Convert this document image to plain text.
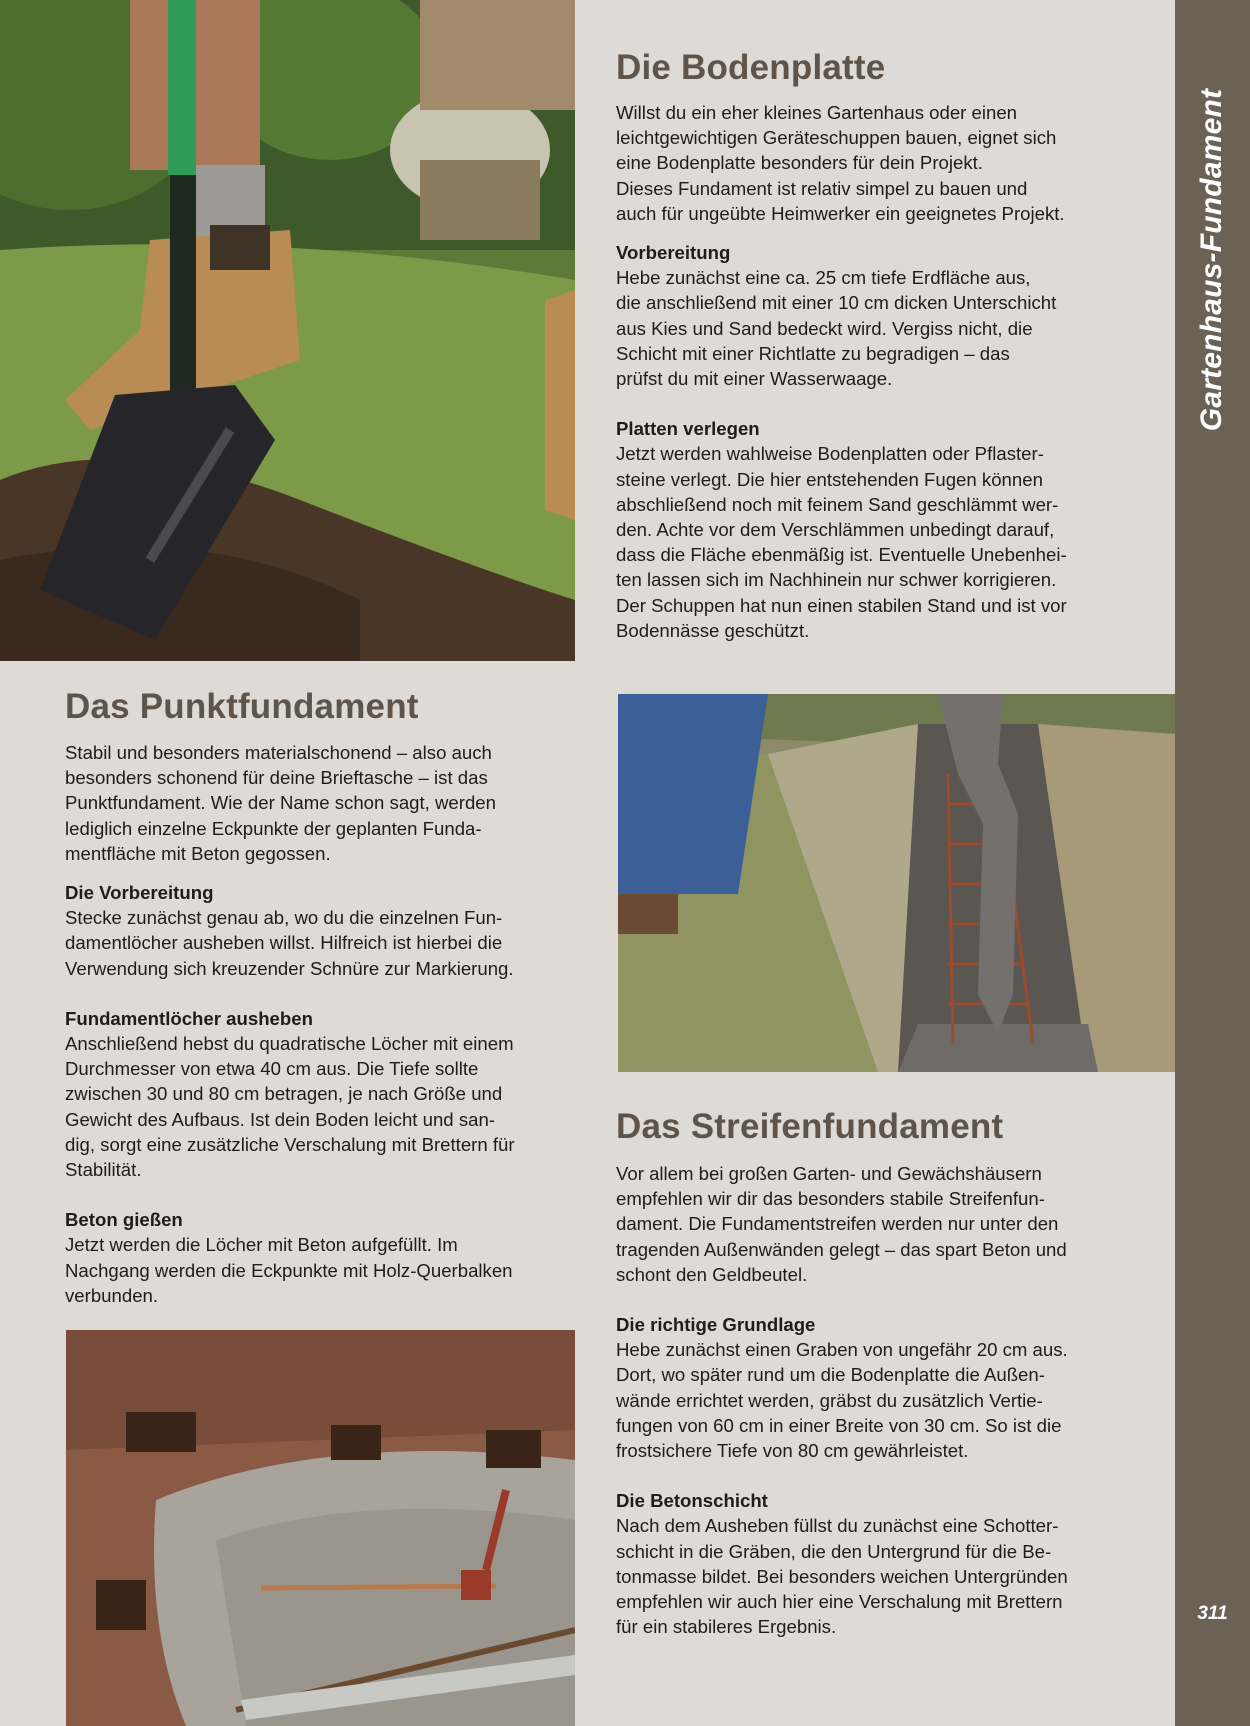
Gartenhaus-Fundament
311
Die Bodenplatte

Willst du ein eher kleines Gartenhaus oder einen
leichtgewichtigen Geräteschuppen bauen, eignet sich
eine Bodenplatte besonders für dein Projekt.
Dieses Fundament ist relativ simpel zu bauen und
auch für ungeübte Heimwerker ein geeignetes Projekt.

Vorbereitung

Hebe zunächst eine ca. 25 cm tiefe Erdfläche aus,
die anschließend mit einer 10 cm dicken Unterschicht
aus Kies und Sand bedeckt wird. Vergiss nicht, die
Schicht mit einer Richtlatte zu begradigen – das
prüfst du mit einer Wasserwaage.

Platten verlegen

Jetzt werden wahlweise Bodenplatten oder Pflaster-
steine verlegt. Die hier entstehenden Fugen können
abschließend noch mit feinem Sand geschlämmt wer-
den. Achte vor dem Verschlämmen unbedingt darauf,
dass die Fläche ebenmäßig ist. Eventuelle Unebenhei-
ten lassen sich im Nachhinein nur schwer korrigieren.
Der Schuppen hat nun einen stabilen Stand und ist vor
Bodennässe geschützt.

Das Punktfundament

Stabil und besonders materialschonend – also auch
besonders schonend für deine Brieftasche – ist das
Punktfundament. Wie der Name schon sagt, werden
lediglich einzelne Eckpunkte der geplanten Funda-
mentfläche mit Beton gegossen.

Die Vorbereitung

Stecke zunächst genau ab, wo du die einzelnen Fun-
damentlöcher ausheben willst. Hilfreich ist hierbei die
Verwendung sich kreuzender Schnüre zur Markierung.

Fundamentlöcher ausheben

Anschließend hebst du quadratische Löcher mit einem
Durchmesser von etwa 40 cm aus. Die Tiefe sollte
zwischen 30 und 80 cm betragen, je nach Größe und
Gewicht des Aufbaus. Ist dein Boden leicht und san-
dig, sorgt eine zusätzliche Verschalung mit Brettern für
Stabilität.

Beton gießen

Jetzt werden die Löcher mit Beton aufgefüllt. Im
Nachgang werden die Eckpunkte mit Holz-Querbalken
verbunden.

Das Streifenfundament

Vor allem bei großen Garten- und Gewächshäusern
empfehlen wir dir das besonders stabile Streifenfun-
dament. Die Fundamentstreifen werden nur unter den
tragenden Außenwänden gelegt – das spart Beton und
schont den Geldbeutel.

Die richtige Grundlage

Hebe zunächst einen Graben von ungefähr 20 cm aus.
Dort, wo später rund um die Bodenplatte die Außen-
wände errichtet werden, gräbst du zusätzlich Vertie-
fungen von 60 cm in einer Breite von 30 cm. So ist die
frostsichere Tiefe von 80 cm gewährleistet.

Die Betonschicht

Nach dem Ausheben füllst du zunächst eine Schotter-
schicht in die Gräben, die den Untergrund für die Be-
tonmasse bildet. Bei besonders weichen Untergründen
empfehlen wir auch hier eine Verschalung mit Brettern
für ein stabileres Ergebnis.
